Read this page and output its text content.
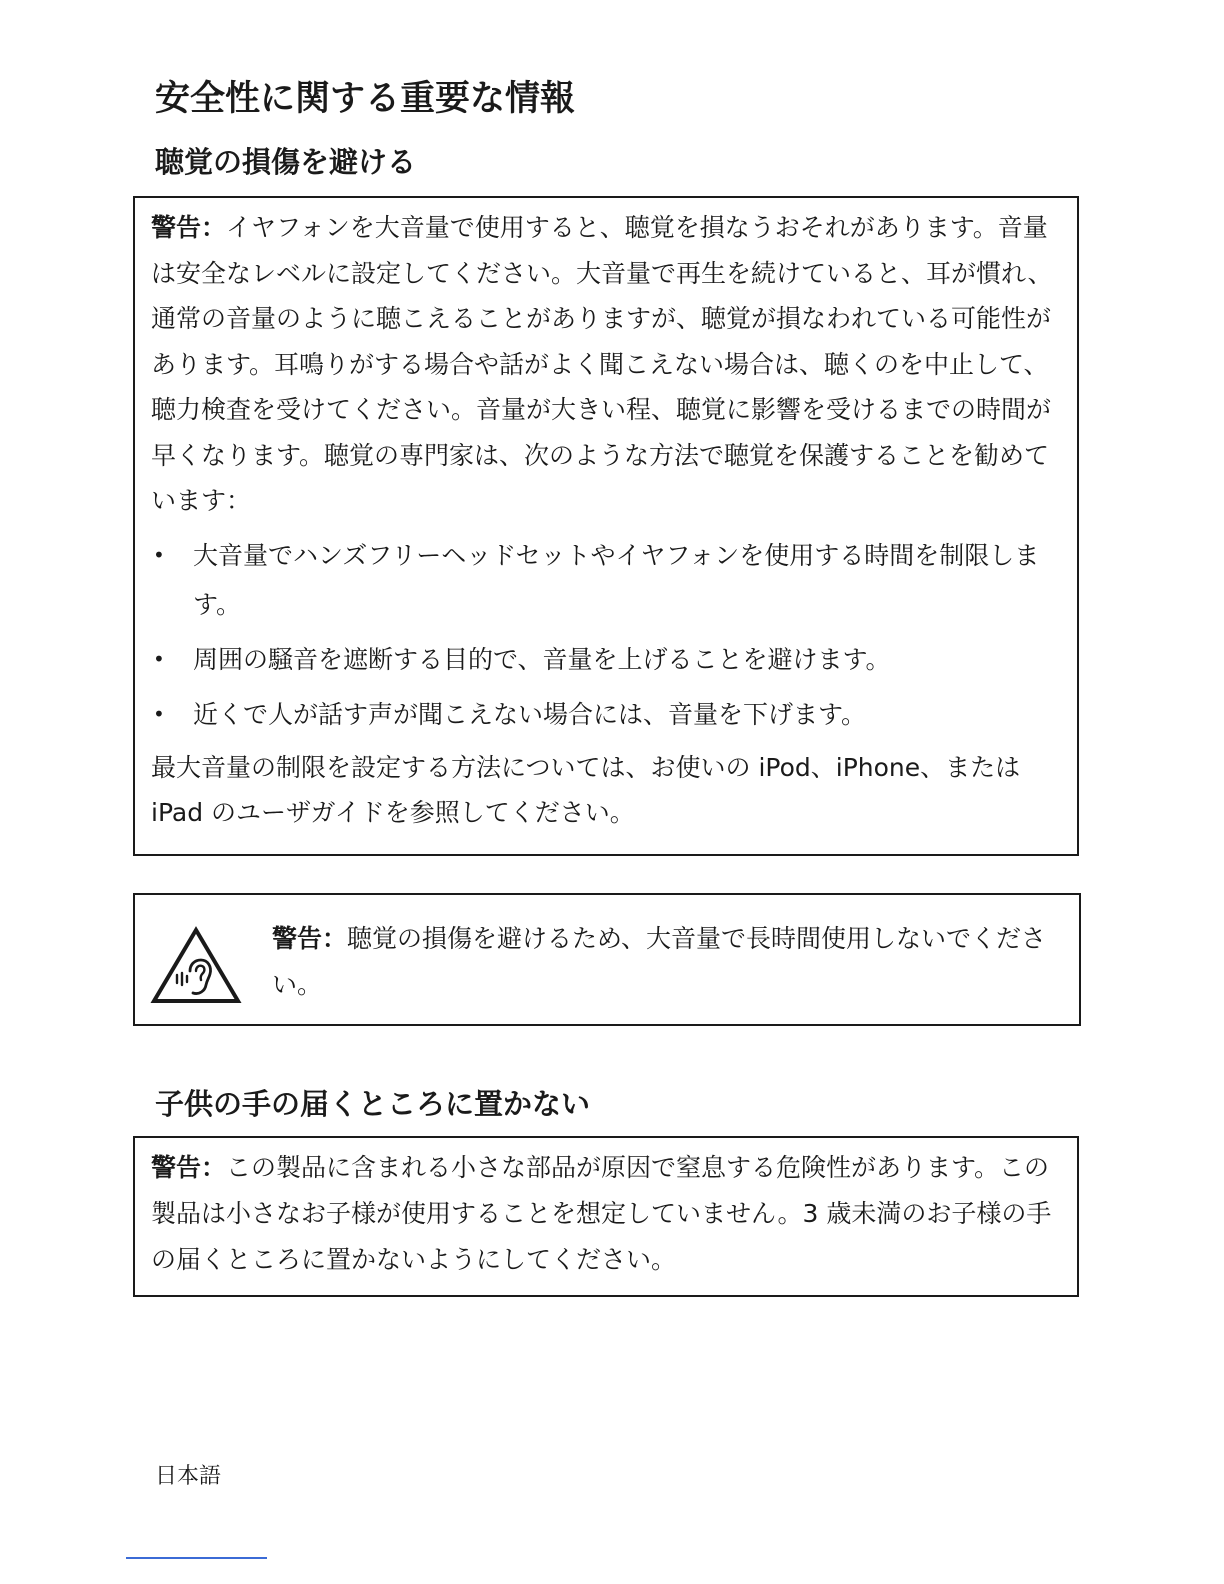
安全性に関する重要な情報
聴覚の損傷を避ける

警告：イヤフォンを大音量で使用すると、聴覚を損なうおそれがあります。音量は安全なレベルに設定してください。大音量で再生を続けていると、耳が慣れ、通常の音量のように聴こえることがありますが、聴覚が損なわれている可能性があります。耳鳴りがする場合や話がよく聞こえない場合は、聴くのを中止して、聴力検査を受けてください。音量が大きい程、聴覚に影響を受けるまでの時間が早くなります。聴覚の専門家は、次のような方法で聴覚を保護することを勧めています：

• 大音量でハンズフリーヘッドセットやイヤフォンを使用する時間を制限します。
• 周囲の騒音を遮断する目的で、音量を上げることを避けます。
• 近くで人が話す声が聞こえない場合には、音量を下げます。

最大音量の制限を設定する方法については、お使いの iPod、iPhone、または iPad のユーザガイドを参照してください。

警告：聴覚の損傷を避けるため、大音量で長時間使用しないでください。

子供の手の届くところに置かない

警告：この製品に含まれる小さな部品が原因で窒息する危険性があります。この製品は小さなお子様が使用することを想定していません。3 歳未満のお子様の手の届くところに置かないようにしてください。

日本語
